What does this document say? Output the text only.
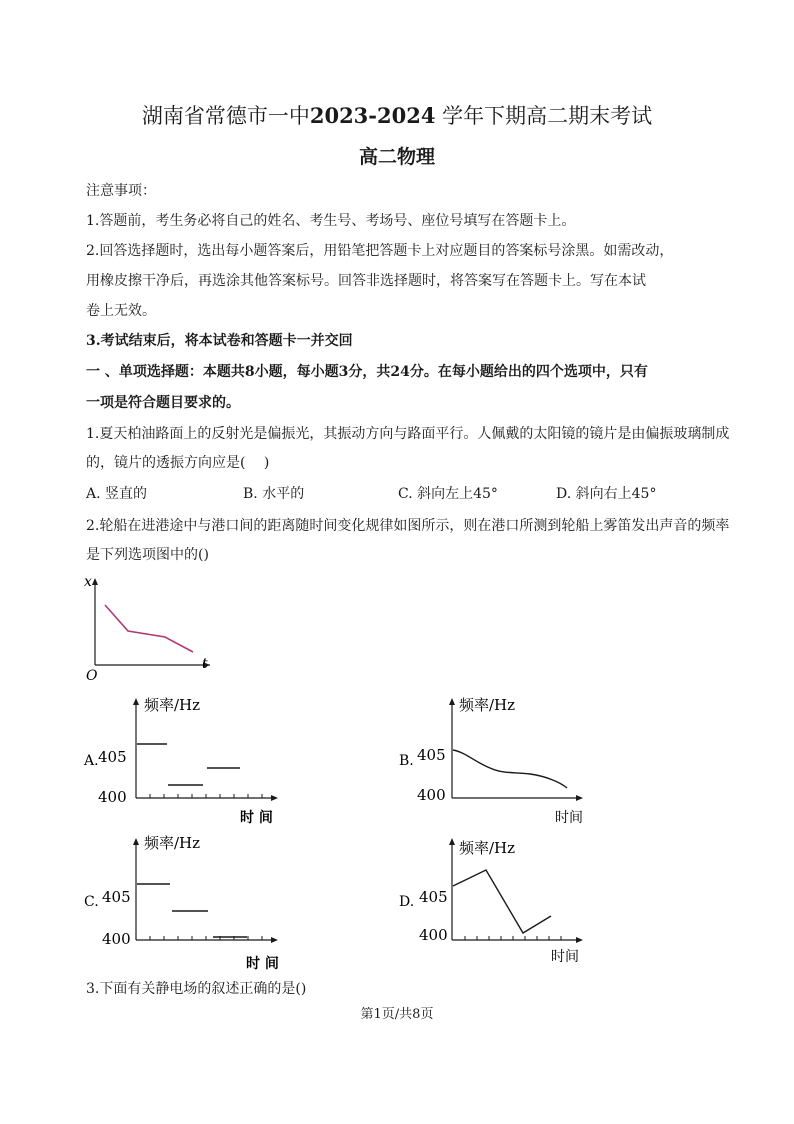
湖南省常德市一中2023-2024 学年下期高二期末考试
高二物理
注意事项：
1.答题前，考生务必将自己的姓名、考生号、考场号、座位号填写在答题卡上。
2.回答选择题时，选出每小题答案后，用铅笔把答题卡上对应题目的答案标号涂黑。如需改动，
用橡皮擦干净后，再选涂其他答案标号。回答非选择题时，将答案写在答题卡上。写在本试
卷上无效。
3.考试结束后，将本试卷和答题卡一并交回
一 、单项选择题：本题共8小题，每小题3分，共24分。在每小题给出的四个选项中，只有
一项是符合题目要求的。
1.夏天柏油路面上的反射光是偏振光，其振动方向与路面平行。人佩戴的太阳镜的镜片是由偏振玻璃制成
的，镜片的透振方向应是(　 )
A. 竖直的	B. 水平的	C. 斜向左上45°	D. 斜向右上45°
2.轮船在进港途中与港口间的距离随时间变化规律如图所示，则在港口所测到轮船上雾笛发出声音的频率
是下列选项图中的()
x
O
t
A.
频率/Hz
405
400
时 间
B.
频率/Hz
405
400
时间
C.
频率/Hz
405
400
时 间
D.
频率/Hz
405
400
时间
3.下面有关静电场的叙述正确的是()
第1页/共8页
